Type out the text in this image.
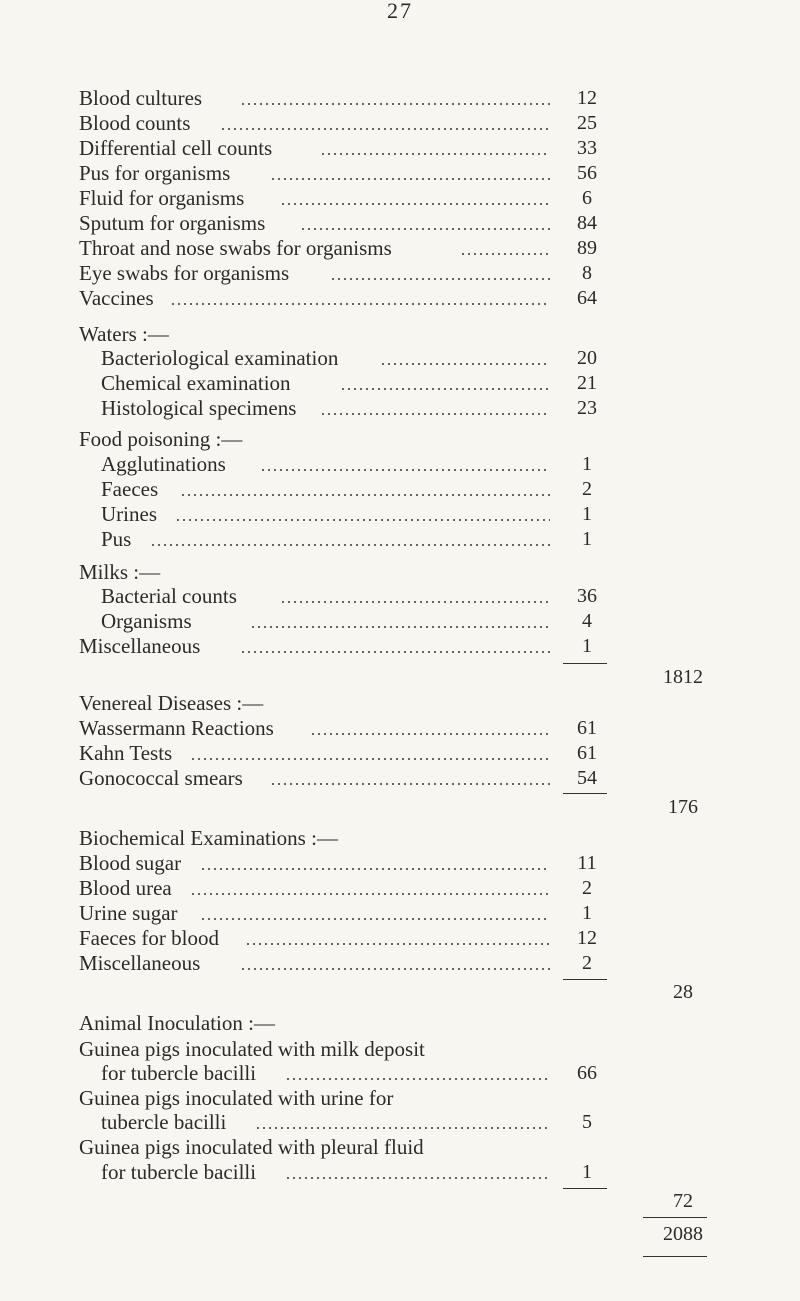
27
Blood cultures	12
Blood counts	25
Differential cell counts	33
Pus for organisms	56
Fluid for organisms	6
Sputum for organisms	84
Throat and nose swabs for organisms	89
Eye swabs for organisms	8
Vaccines	64
Waters :—
Bacteriological examination	20
Chemical examination	21
Histological specimens	23
Food poisoning :—
Agglutinations	1
Faeces	2
Urines	1
Pus	1
Milks :—
Bacterial counts	36
Organisms	4
Miscellaneous	1
1812
Venereal Diseases :—
Wassermann Reactions	61
Kahn Tests	61
Gonococcal smears	54
176
Biochemical Examinations :—
Blood sugar	11
Blood urea	2
Urine sugar	1
Faeces for blood	12
Miscellaneous	2
28
Animal Inoculation :—
Guinea pigs inoculated with milk deposit
for tubercle bacilli	66
Guinea pigs inoculated with urine for
tubercle bacilli	5
Guinea pigs inoculated with pleural fluid
for tubercle bacilli	1
72
2088
